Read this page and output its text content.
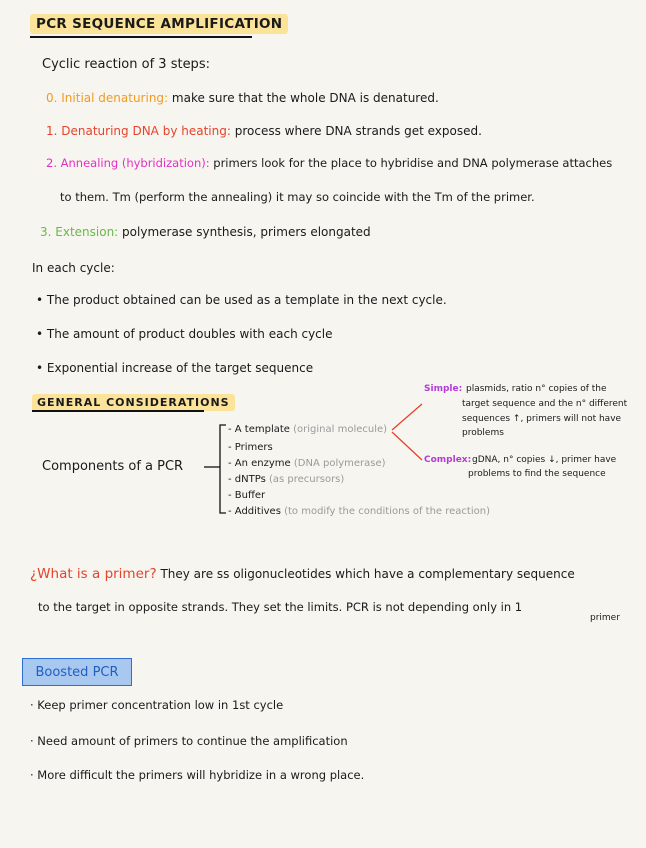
PCR SEQUENCE AMPLIFICATION
Cyclic reaction of 3 steps:
0. Initial denaturing: make sure that the whole DNA is denatured.
1. Denaturing DNA by heating: process where DNA strands get exposed.
2. Annealing (hybridization): primers look for the place to hybridise and DNA polymerase attaches
to them. Tm (perform the annealing) it may so coincide with the Tm of the primer.
3. Extension: polymerase synthesis, primers elongated
In each cycle:
• The product obtained can be used as a template in the next cycle.
• The amount of product doubles with each cycle
• Exponential increase of the target sequence
GENERAL CONSIDERATIONS
Components of a PCR
- A template (original molecule)
- Primers
- An enzyme (DNA polymerase)
- dNTPs (as precursors)
- Buffer
- Additives (to modify the conditions of the reaction)
Simple: plasmids, ratio n° copies of the
target sequence and the n° different
sequences ↑, primers will not have
problems
Complex: gDNA, n° copies ↓, primer have
problems to find the sequence
¿What is a primer? They are ss oligonucleotides which have a complementary sequence
to the target in opposite strands. They set the limits. PCR is not depending only in 1
primer
Boosted PCR
· Keep primer concentration low in 1st cycle
· Need amount of primers to continue the amplification
· More difficult the primers will hybridize in a wrong place.
